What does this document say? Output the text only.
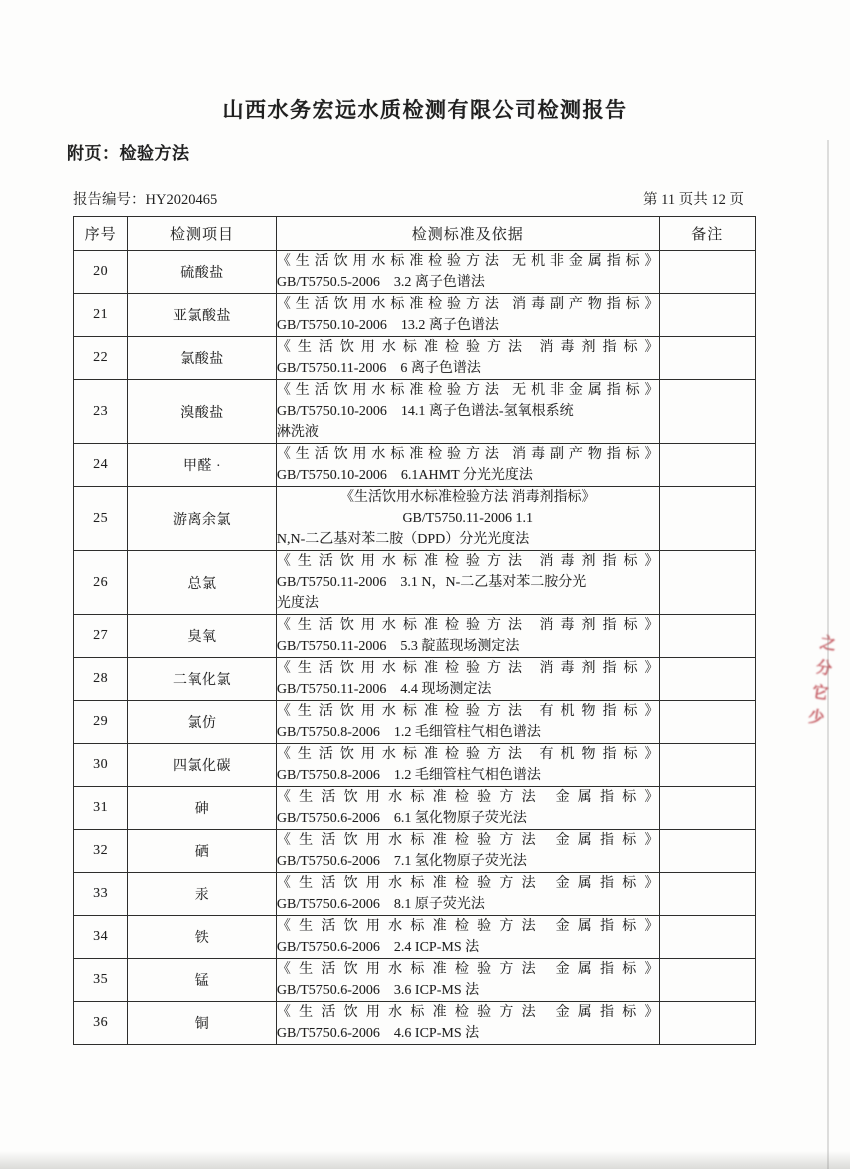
山西水务宏远水质检测有限公司检测报告
附页：检验方法
报告编号：HY2020465	第 11 页共 12 页
序号	检测项目	检测标准及依据	备注
20	硫酸盐	《生活饮用水标准检验方法 无机非金属指标》
GB/T5750.5-2006　3.2 离子色谱法	

21	亚氯酸盐	《生活饮用水标准检验方法 消毒副产物指标》
GB/T5750.10-2006　13.2 离子色谱法	

22	氯酸盐	《生活饮用水标准检验方法 消毒剂指标》
GB/T5750.11-2006　6 离子色谱法	

23	溴酸盐	《生活饮用水标准检验方法 无机非金属指标》
GB/T5750.10-2006　14.1 离子色谱法-氢氧根系统
淋洗液	

24	甲醛 ·	《生活饮用水标准检验方法 消毒副产物指标》
GB/T5750.10-2006　6.1AHMT 分光光度法	

25	游离余氯	《生活饮用水标准检验方法 消毒剂指标》
GB/T5750.11-2006 1.1
N,N-二乙基对苯二胺（DPD）分光光度法	

26	总氯	《生活饮用水标准检验方法 消毒剂指标》
GB/T5750.11-2006　3.1 N，N-二乙基对苯二胺分光
光度法	

27	臭氧	《生活饮用水标准检验方法 消毒剂指标》
GB/T5750.11-2006　5.3 靛蓝现场测定法	

28	二氧化氯	《生活饮用水标准检验方法 消毒剂指标》
GB/T5750.11-2006　4.4 现场测定法	

29	氯仿	《生活饮用水标准检验方法 有机物指标》
GB/T5750.8-2006　1.2 毛细管柱气相色谱法	

30	四氯化碳	《生活饮用水标准检验方法 有机物指标》
GB/T5750.8-2006　1.2 毛细管柱气相色谱法	

31	砷	《生活饮用水标准检验方法 金属指标》
GB/T5750.6-2006　6.1 氢化物原子荧光法	

32	硒	《生活饮用水标准检验方法 金属指标》
GB/T5750.6-2006　7.1 氢化物原子荧光法	

33	汞	《生活饮用水标准检验方法 金属指标》
GB/T5750.6-2006　8.1 原子荧光法	

34	铁	《生活饮用水标准检验方法 金属指标》
GB/T5750.6-2006　2.4 ICP-MS 法	

35	锰	《生活饮用水标准检验方法 金属指标》
GB/T5750.6-2006　3.6 ICP-MS 法	

36	铜	《生活饮用水标准检验方法 金属指标》
GB/T5750.6-2006　4.6 ICP-MS 法	

之分它少
